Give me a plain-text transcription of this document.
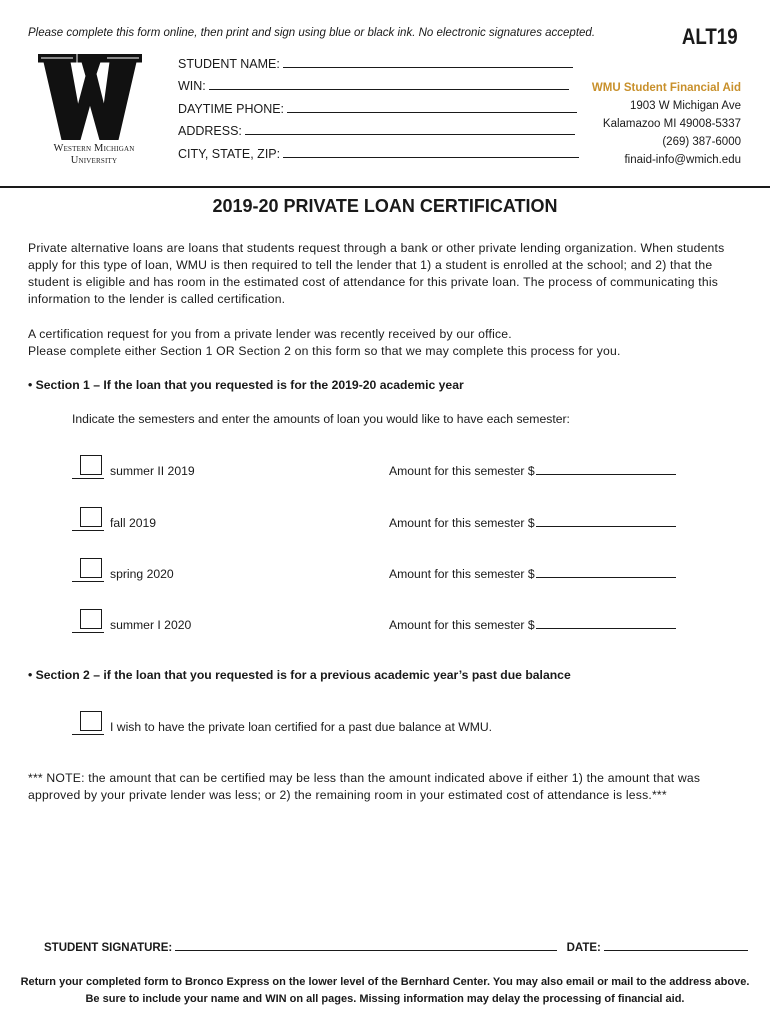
Please complete this form online, then print and sign using blue or black ink. No electronic signatures accepted.	ALT19
Western Michigan
University
STUDENT NAME:
WIN:
DAYTIME PHONE:
ADDRESS:
CITY, STATE, ZIP:
WMU Student Financial Aid
1903 W Michigan Ave
Kalamazoo MI 49008-5337
(269) 387-6000
finaid-info@wmich.edu
2019-20 PRIVATE LOAN CERTIFICATION
Private alternative loans are loans that students request through a bank or other private lending organization. When students apply for this type of loan, WMU is then required to tell the lender that 1) a student is enrolled at the school; and 2) that the student is eligible and has room in the estimated cost of attendance for this private loan. The process of communicating this information to the lender is called certification.
A certification request for you from a private lender was recently received by our office.
Please complete either Section 1 OR Section 2 on this form so that we may complete this process for you.
• Section 1 – If the loan that you requested is for the 2019-20 academic year
Indicate the semesters and enter the amounts of loan you would like to have each semester:
summer II 2019	Amount for this semester $
fall 2019	Amount for this semester $
spring 2020	Amount for this semester $
summer I 2020	Amount for this semester $
• Section 2 – if the loan that you requested is for a previous academic year’s past due balance
I wish to have the private loan certified for a past due balance at WMU.
*** NOTE: the amount that can be certified may be less than the amount indicated above if either 1) the amount that was approved by your private lender was less; or 2) the remaining room in your estimated cost of attendance is less.***
STUDENT SIGNATURE:	DATE:
Return your completed form to Bronco Express on the lower level of the Bernhard Center. You may also email or mail to the address above.
Be sure to include your name and WIN on all pages. Missing information may delay the processing of financial aid.
